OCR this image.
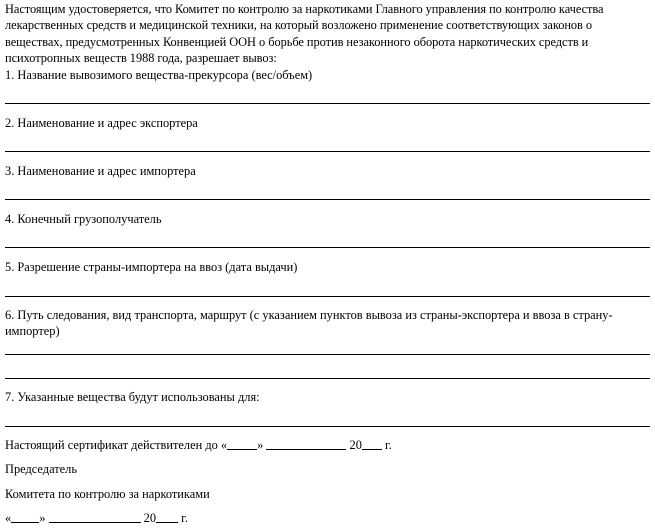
Настоящим удостоверяется, что Комитет по контролю за наркотиками Главного управления по контролю качества лекарственных средств и медицинской техники, на который возложено применение соответствующих законов о веществах, предусмотренных Конвенцией ООН о борьбе против незаконного оборота наркотических средств и психотропных веществ 1988 года, разрешает вывоз:

1. Название вывозимого вещества-прекурсора (вес/объем)
2. Наименование и адрес экспортера
3. Наименование и адрес импортера
4. Конечный грузополучатель
5. Разрешение страны-импортера на ввоз (дата выдачи)
6. Путь следования, вид транспорта, маршрут (с указанием пунктов вывоза из страны-экспортера и ввоза в страну-импортер)
7. Указанные вещества будут использованы для:
Настоящий сертификат действителен до « »	20 г.
Председатель
Комитета по контролю за наркотиками
« »	20 г.
